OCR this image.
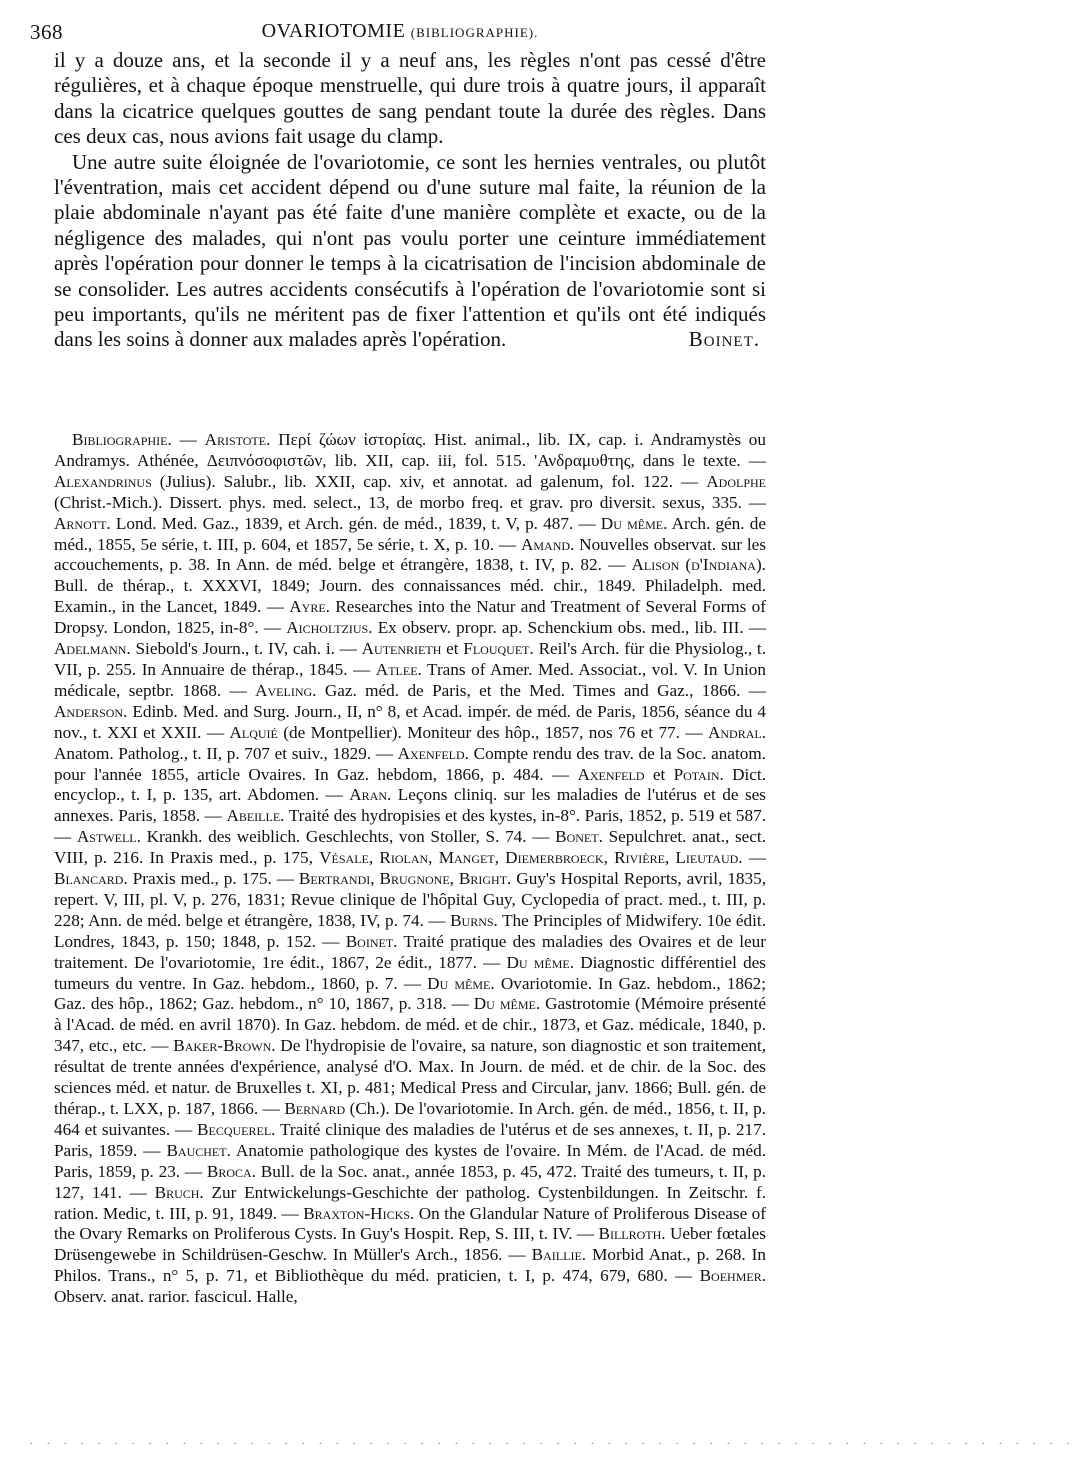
368	OVARIOTOMIE (BIBLIOGRAPHIE).

il y a douze ans, et la seconde il y a neuf ans, les règles n'ont pas cessé d'être régulières, et à chaque époque menstruelle, qui dure trois à quatre jours, il apparaît dans la cicatrice quelques gouttes de sang pendant toute la durée des règles. Dans ces deux cas, nous avions fait usage du clamp.

Une autre suite éloignée de l'ovariotomie, ce sont les hernies ventrales, ou plutôt l'éventration, mais cet accident dépend ou d'une suture mal faite, la réunion de la plaie abdominale n'ayant pas été faite d'une manière complète et exacte, ou de la négligence des malades, qui n'ont pas voulu porter une ceinture immédiatement après l'opération pour donner le temps à la cicatrisation de l'incision abdominale de se consolider. Les autres accidents consécutifs à l'opération de l'ovariotomie sont si peu importants, qu'ils ne méritent pas de fixer l'attention et qu'ils ont été indiqués dans les soins à donner aux malades après l'opération.	Boinet.

Bibliographie. — Aristote. Περί ζώων ἱστορίας. Hist. animal., lib. IX, cap. i. Andramystès ou Andramys. Athénée, Δειπνόσοφιστῶν, lib. XII, cap. iii, fol. 515. 'Ανδραμυθτης, dans le texte. — Alexandrinus (Julius). Salubr., lib. XXII, cap. xiv, et annotat. ad galenum, fol. 122. — Adolphe (Christ.-Mich.). Dissert. phys. med. select., 13, de morbo freq. et grav. pro diversit. sexus, 335. — Arnott. Lond. Med. Gaz., 1839, et Arch. gén. de méd., 1839, t. V, p. 487. — Du même. Arch. gén. de méd., 1855, 5e série, t. III, p. 604, et 1857, 5e série, t. X, p. 10. — Amand. Nouvelles observat. sur les accouchements, p. 38. In Ann. de méd. belge et étrangère, 1838, t. IV, p. 82. — Alison (d'Indiana). Bull. de thérap., t. XXXVI, 1849; Journ. des connaissances méd. chir., 1849. Philadelph. med. Examin., in the Lancet, 1849. — Ayre. Researches into the Natur and Treatment of Several Forms of Dropsy. London, 1825, in-8°. — Aicholtzius. Ex observ. propr. ap. Schenckium obs. med., lib. III. — Adelmann. Siebold's Journ., t. IV, cah. i. — Autenrieth et Flouquet. Reil's Arch. für die Physiolog., t. VII, p. 255. In Annuaire de thérap., 1845. — Atlee. Trans of Amer. Med. Associat., vol. V. In Union médicale, septbr. 1868. — Aveling. Gaz. méd. de Paris, et the Med. Times and Gaz., 1866. — Anderson. Edinb. Med. and Surg. Journ., II, n° 8, et Acad. impér. de méd. de Paris, 1856, séance du 4 nov., t. XXI et XXII. — Alquié (de Montpellier). Moniteur des hôp., 1857, nos 76 et 77. — Andral. Anatom. Patholog., t. II, p. 707 et suiv., 1829. — Axenfeld. Compte rendu des trav. de la Soc. anatom. pour l'année 1855, article Ovaires. In Gaz. hebdom, 1866, p. 484. — Axenfeld et Potain. Dict. encyclop., t. I, p. 135, art. Abdomen. — Aran. Leçons cliniq. sur les maladies de l'utérus et de ses annexes. Paris, 1858. — Abeille. Traité des hydropisies et des kystes, in-8°. Paris, 1852, p. 519 et 587. — Astwell. Krankh. des weiblich. Geschlechts, von Stoller, S. 74. — Bonet. Sepulchret. anat., sect. VIII, p. 216. In Praxis med., p. 175, Vésale, Riolan, Manget, Diemerbroeck, Rivière, Lieutaud. — Blancard. Praxis med., p. 175. — Bertrandi, Brugnone, Bright. Guy's Hospital Reports, avril, 1835, repert. V, III, pl. V, p. 276, 1831; Revue clinique de l'hôpital Guy, Cyclopedia of pract. med., t. III, p. 228; Ann. de méd. belge et étrangère, 1838, IV, p. 74. — Burns. The Principles of Midwifery. 10e édit. Londres, 1843, p. 150; 1848, p. 152. — Boinet. Traité pratique des maladies des Ovaires et de leur traitement. De l'ovariotomie, 1re édit., 1867, 2e édit., 1877. — Du même. Diagnostic différentiel des tumeurs du ventre. In Gaz. hebdom., 1860, p. 7. — Du même. Ovariotomie. In Gaz. hebdom., 1862; Gaz. des hôp., 1862; Gaz. hebdom., n° 10, 1867, p. 318. — Du même. Gastrotomie (Mémoire présenté à l'Acad. de méd. en avril 1870). In Gaz. hebdom. de méd. et de chir., 1873, et Gaz. médicale, 1840, p. 347, etc., etc. — Baker-Brown. De l'hydropisie de l'ovaire, sa nature, son diagnostic et son traitement, résultat de trente années d'expérience, analysé d'O. Max. In Journ. de méd. et de chir. de la Soc. des sciences méd. et natur. de Bruxelles t. XI, p. 481; Medical Press and Circular, janv. 1866; Bull. gén. de thérap., t. LXX, p. 187, 1866. — Bernard (Ch.). De l'ovariotomie. In Arch. gén. de méd., 1856, t. II, p. 464 et suivantes. — Becquerel. Traité clinique des maladies de l'utérus et de ses annexes, t. II, p. 217. Paris, 1859. — Bauchet. Anatomie pathologique des kystes de l'ovaire. In Mém. de l'Acad. de méd. Paris, 1859, p. 23. — Broca. Bull. de la Soc. anat., année 1853, p. 45, 472. Traité des tumeurs, t. II, p. 127, 141. — Bruch. Zur Entwickelungs-Geschichte der patholog. Cystenbildungen. In Zeitschr. f. ration. Medic, t. III, p. 91, 1849. — Braxton-Hicks. On the Glandular Nature of Proliferous Disease of the Ovary Remarks on Proliferous Cysts. In Guy's Hospit. Rep, S. III, t. IV. — Billroth. Ueber fœtales Drüsengewebe in Schildrüsen-Geschw. In Müller's Arch., 1856. — Baillie. Morbid Anat., p. 268. In Philos. Trans., n° 5, p. 71, et Bibliothèque du méd. praticien, t. I, p. 474, 679, 680. — Boehmer. Observ. anat. rarior. fascicul. Halle,
. . . . . . . . . . . . . . . . . . . . . . . . . . . . . . . . . . . . . . . . . . . . . . . . . . . . . . . . . . . . . .
